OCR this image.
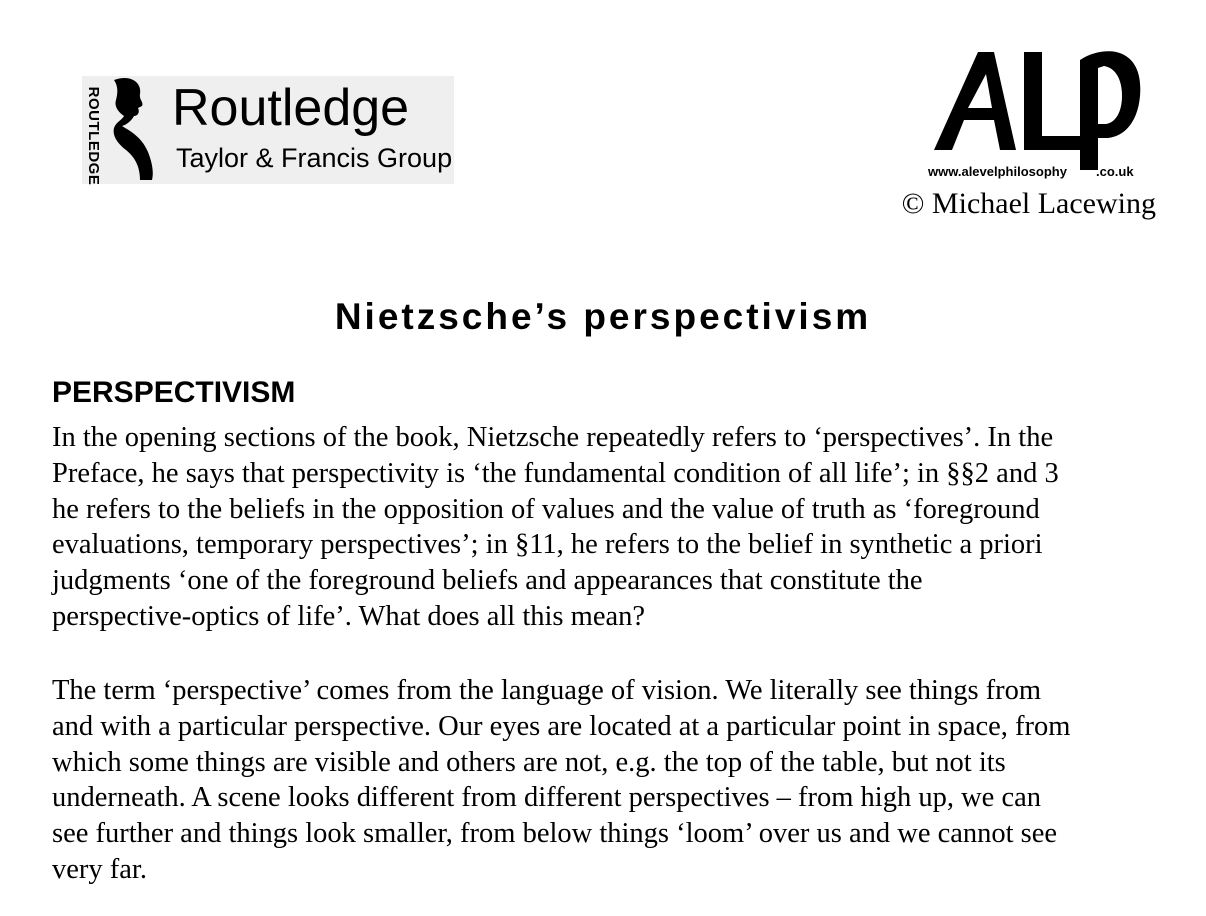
ROUTLEDGE Routledge
Taylor & Francis Group	www.alevelphilosophy .co.uk
© Michael Lacewing
Nietzsche’s perspectivism
PERSPECTIVISM

In the opening sections of the book, Nietzsche repeatedly refers to ‘perspectives’. In the
Preface, he says that perspectivity is ‘the fundamental condition of all life’; in §§2 and 3
he refers to the beliefs in the opposition of values and the value of truth as ‘foreground
evaluations, temporary perspectives’; in §11, he refers to the belief in synthetic a priori
judgments ‘one of the foreground beliefs and appearances that constitute the
perspective-optics of life’. What does all this mean?

The term ‘perspective’ comes from the language of vision. We literally see things from
and with a particular perspective. Our eyes are located at a particular point in space, from
which some things are visible and others are not, e.g. the top of the table, but not its
underneath. A scene looks different from different perspectives – from high up, we can
see further and things look smaller, from below things ‘loom’ over us and we cannot see
very far.
